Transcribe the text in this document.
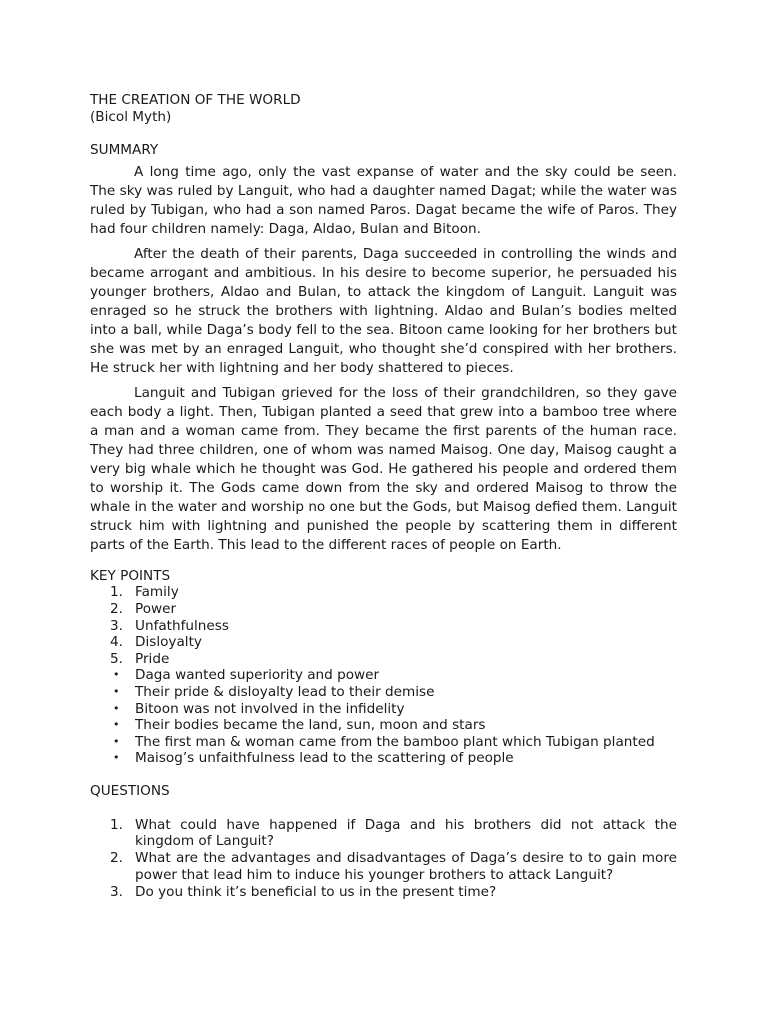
THE CREATION OF THE WORLD
(Bicol Myth)
SUMMARY

A long time ago, only the vast expanse of water and the sky could be seen. The sky was ruled by Languit, who had a daughter named Dagat; while the water was ruled by Tubigan, who had a son named Paros. Dagat became the wife of Paros. They had four children namely: Daga, Aldao, Bulan and Bitoon.

After the death of their parents, Daga succeeded in controlling the winds and became arrogant and ambitious. In his desire to become superior, he persuaded his younger brothers, Aldao and Bulan, to attack the kingdom of Languit. Languit was enraged so he struck the brothers with lightning. Aldao and Bulan’s bodies melted into a ball, while Daga’s body fell to the sea. Bitoon came looking for her brothers but she was met by an enraged Languit, who thought she’d conspired with her brothers. He struck her with lightning and her body shattered to pieces.

Languit and Tubigan grieved for the loss of their grandchildren, so they gave each body a light. Then, Tubigan planted a seed that grew into a bamboo tree where a man and a woman came from. They became the first parents of the human race. They had three children, one of whom was named Maisog. One day, Maisog caught a very big whale which he thought was God. He gathered his people and ordered them to worship it. The Gods came down from the sky and ordered Maisog to throw the whale in the water and worship no one but the Gods, but Maisog defied them. Languit struck him with lightning and punished the people by scattering them in different parts of the Earth. This lead to the different races of people on Earth.

KEY POINTS
1. Family
2. Power
3. Unfathfulness
4. Disloyalty
5. Pride
•	Daga wanted superiority and power
•	Their pride & disloyalty lead to their demise
•	Bitoon was not involved in the infidelity
•	Their bodies became the land, sun, moon and stars
•	The first man & woman came from the bamboo plant which Tubigan planted
•	Maisog’s unfaithfulness lead to the scattering of people
QUESTIONS
1. What could have happened if Daga and his brothers did not attack the kingdom of Languit?
2. What are the advantages and disadvantages of Daga’s desire to to gain more power that lead him to induce his younger brothers to attack Languit?
3. Do you think it’s beneficial to us in the present time?
